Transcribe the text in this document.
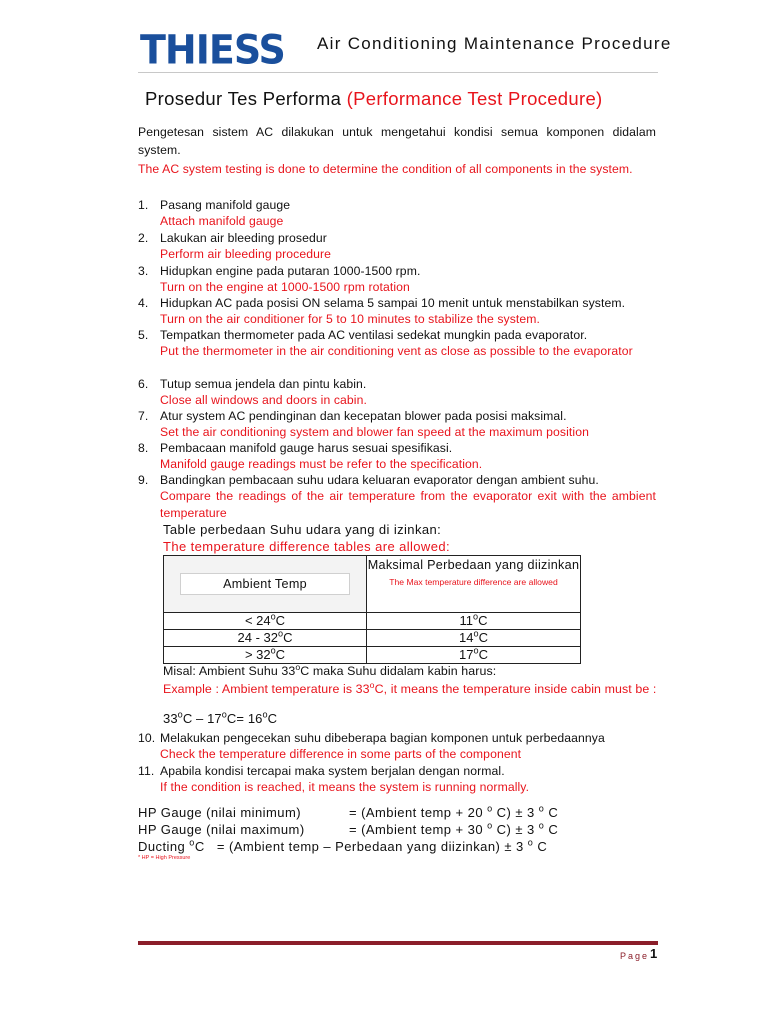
THIESS Air Conditioning Maintenance Procedure
Prosedur Tes Performa (Performance Test Procedure)
Pengetesan sistem AC dilakukan untuk mengetahui kondisi semua komponen didalam system.
The AC system testing is done to determine the condition of all components in the system.
1. Pasang manifold gauge
Attach manifold gauge
2. Lakukan air bleeding prosedur
Perform air bleeding procedure
3. Hidupkan engine pada putaran 1000-1500 rpm.
Turn on the engine at 1000-1500 rpm rotation
4. Hidupkan AC pada posisi ON selama 5 sampai 10 menit untuk menstabilkan system.
Turn on the air conditioner for 5 to 10 minutes to stabilize the system.
5. Tempatkan thermometer pada AC ventilasi sedekat mungkin pada evaporator.
Put the thermometer in the air conditioning vent as close as possible to the evaporator
6. Tutup semua jendela dan pintu kabin.
Close all windows and doors in cabin.
7. Atur system AC pendinginan dan kecepatan blower pada posisi maksimal.
Set the air conditioning system and blower fan speed at the maximum position
8. Pembacaan manifold gauge harus sesuai spesifikasi.
Manifold gauge readings must be refer to the specification.
9. Bandingkan pembacaan suhu udara keluaran evaporator dengan ambient suhu.
Compare the readings of the air temperature from the evaporator exit with the ambient temperature
Table perbedaan Suhu udara yang di izinkan:
The temperature difference tables are allowed:
Ambient Temp	Maksimal Perbedaan yang diizinkan
The Max temperature difference are allowed

< $24^oC$	11$^o$C
24 - 32$^o$C	$14^oC$
> $32^oC$	17$^o$C
Misal: Ambient Suhu 33$^o$C maka Suhu didalam kabin harus:
Example : Ambient temperature is 33$^o$C, it means the temperature inside cabin must be :
$33^oC - 17^oC= 16^oC$
10. Melakukan pengecekan suhu dibeberapa bagian komponen untuk perbedaannya
Check the temperature difference in some parts of the component
11. Apabila kondisi tercapai maka system berjalan dengan normal.
If the condition is reached, it means the system is running normally.
HP Gauge (nilai minimum)	= (Ambient temp + 20 $^o$ C) ± 3 $^o$ C
HP Gauge (nilai maximum)	= (Ambient temp + 30 $^o$ C) ± 3 $^o$ C
Ducting $^o$C   = (Ambient temp – Perbedaan yang diizinkan) ± 3 $^o$ C
* HP = High Pressure
Page 1
